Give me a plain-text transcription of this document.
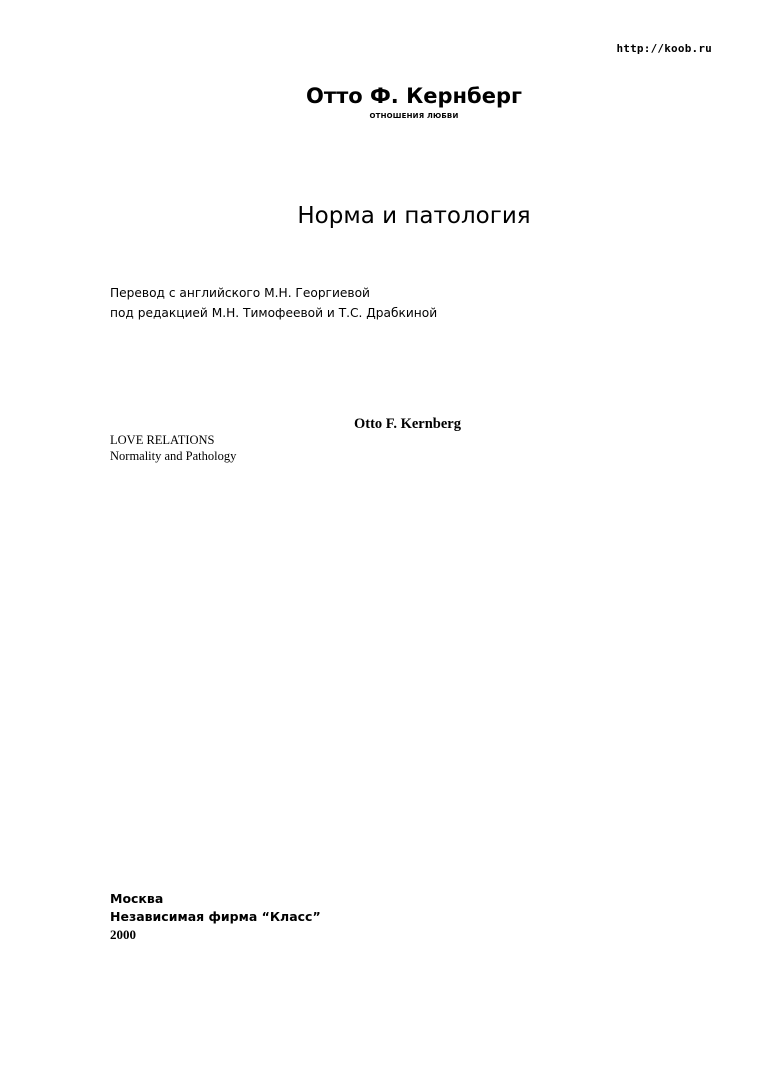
http://koob.ru
Отто Ф. Кернберг
ОТНОШЕНИЯ ЛЮБВИ
Норма и патология
Перевод с английского М.Н. Георгиевой
под редакцией М.Н. Тимофеевой и Т.С. Драбкиной
Otto F. Kernberg
LOVE RELATIONS
Normality and Pathology
Москва
Независимая фирма “Класс”
2000
